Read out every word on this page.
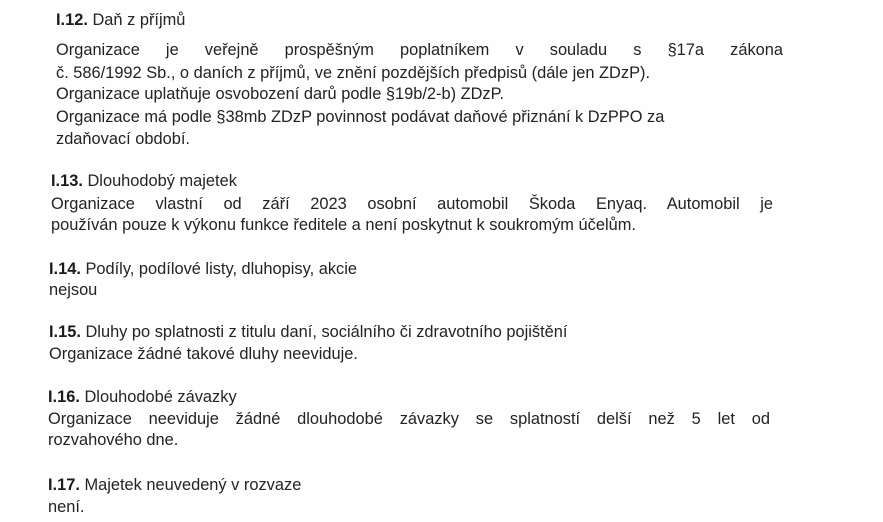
I.12. Daň z příjmů
Organizace je veřejně prospěšným poplatníkem v souladu s §17a zákona
č. 586/1992 Sb., o daních z příjmů, ve znění pozdějších předpisů (dále jen ZDzP).
Organizace uplatňuje osvobození darů podle §19b/2-b) ZDzP.
Organizace má podle §38mb ZDzP povinnost podávat daňové přiznání k DzPPO za
zdaňovací období.
I.13. Dlouhodobý majetek
Organizace vlastní od září 2023 osobní automobil Škoda Enyaq. Automobil je
používán pouze k výkonu funkce ředitele a není poskytnut k soukromým účelům.
I.14. Podíly, podílové listy, dluhopisy, akcie
nejsou
I.15. Dluhy po splatnosti z titulu daní, sociálního či zdravotního pojištění
Organizace žádné takové dluhy neeviduje.
I.16. Dlouhodobé závazky
Organizace neeviduje žádné dlouhodobé závazky se splatností delší než 5 let od
rozvahového dne.
I.17. Majetek neuvedený v rozvaze
není.
